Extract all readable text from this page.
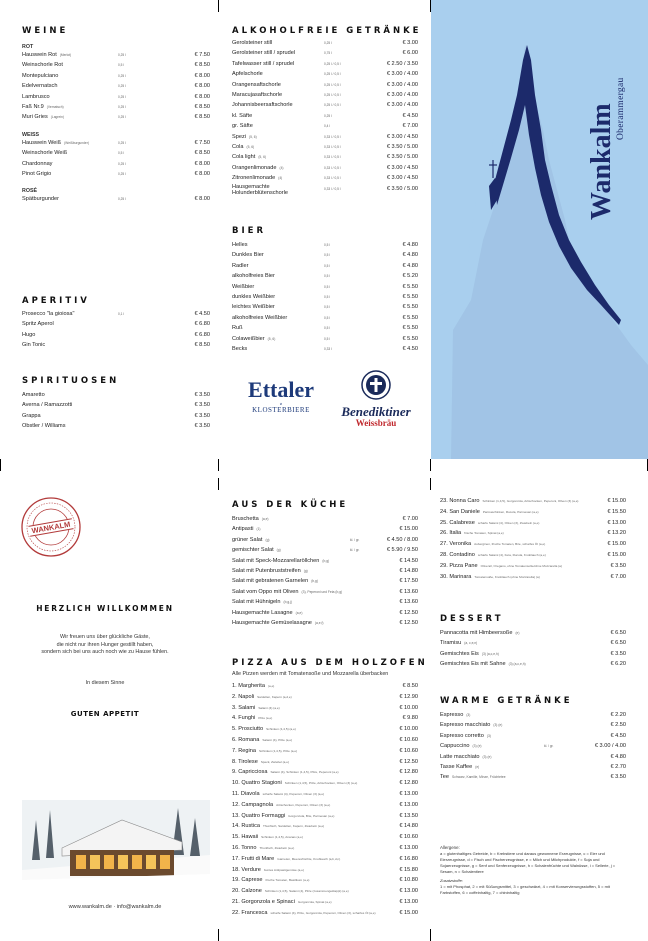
WEINE
ROT
Hauswein Rot (Merlot)	0,25 l	€ 7.50
Weinschorle Rot	0,5 l	€ 8.50
Montepulciano	0,25 l	€ 8.00
Edelvernatsch	0,25 l	€ 8.00
Lambrusco	0,25 l	€ 8.00
Faß Nr.9 (Vernatsch)	0,25 l	€ 8.50
Muri Gries (Lagrein)	0,25 l	€ 8.50
WEISS
Hauswein Weiß (Weißburgunder)	0,25 l	€ 7.50
Weinschorle Weiß	0,5 l	€ 8.50
Chardonnay	0,25 l	€ 8.00
Pinot Grigio	0,25 l	€ 8.00
ROSÉ
Spätburgunder	0,25 l	€ 8.00
APERITIV
Prosecco "la gioiosa"	0,1 l	€ 4.50
Spritz Aperol	€ 6.80
Hugo	€ 6.80
Gin Tonic	€ 8.50
SPIRITUOSEN
Amaretto	€ 3.50
Averna / Ramazzotti	€ 3.50
Grappa	€ 3.50
Obstler / Williams	€ 3.50
ALKOHOLFREIE GETRÄNKE
Gerolsteiner still	0,25 l	€ 3.00
Gerolsteiner still / sprudel	0,75 l	€ 6.00
Tafelwasser still / sprudel	0,25 l / 0,5 l	€ 2.50 / 3.50
Apfelschorle	0,25 l / 0,5 l	€ 3.00 / 4.00
Orangensaftschorle	0,25 l / 0,5 l	€ 3.00 / 4.00
Maracujasaftschorle	0,25 l / 0,5 l	€ 3.00 / 4.00
Johannisbeersaftschorle	0,25 l / 0,5 l	€ 3.00 / 4.00
kl. Säfte	0,25 l	€ 4.50
gr. Säfte	0,4 l	€ 7.00
Spezi (5, 6)	0,33 l / 0,5 l	€ 3.00 / 4.50
Cola (5, 6)	0,33 l / 0,5 l	€ 3.50 / 5.00
Cola light (5, 6)	0,33 l / 0,5 l	€ 3.50 / 5.00
Orangenlimonade (4)	0,33 l / 0,5 l	€ 3.00 / 4.50
Zitronenlimonade (4)	0,33 l / 0,5 l	€ 3.00 / 4.50
Hausgemachte Holunderblütenschorle
0,33 l / 0,5 l	€ 3.50 / 5.00
BIER
Helles	0,5 l	€ 4.80
Dunkles Bier	0,5 l	€ 4.80
Radler	0,5 l	€ 4.80
alkoholfreies Bier	0,5 l	€ 5.20
Weißbier	0,5 l	€ 5.50
dunkles Weißbier	0,5 l	€ 5.50
leichtes Weißbier	0,5 l	€ 5.50
alkoholfreies Weißbier	0,5 l	€ 5.50
Ruß	0,5 l	€ 5.50
Colaweißbier (5, 6)	0,5 l	€ 5.50
Becks	0,33 l	€ 4.50
Ettaler
❦
KLOSTERBIERE	Benediktiner
Weissbräu
Wankalm Oberammergau
WANKALM
HERZLICH WILLKOMMEN
Wir freuen uns über glückliche Gäste,
die nicht nur ihren Hunger gestillt haben,
sondern sich bei uns auch noch wie zu Hause fühlen.
In diesem Sinne
GUTEN APPETIT
www.wankalm.de · info@wankalm.de
AUS DER KÜCHE
Bruschetta (a,e)	€ 7.00
Antipasti (1)	€ 15.00
grüner Salat (g)	kl. / gr.	€ 4.50 / 8.00
gemischter Salat (g)	kl. / gr.	€ 5.90 / 9.50
Salat mit Speck-Mozzarellaröllchen (b,g)	€ 14.50
Salat mit Putenbruststreifen (g)	€ 14.80
Salat mit gebratenen Garnelen (b,g)	€ 17.50
Salat vom Oppo mit Oliven (3), Peperoni und Feta (b,g)	€ 13.60
Salat mit Hühnigeln (b,g,j)	€ 13.60
Hausgemachte Lasagne (a,e)	€ 12.50
Hausgemachte Gemüselasagne (a,e,f)	€ 12.50
PIZZA AUS DEM HOLZOFEN
Alle Pizzen werden mit Tomatensoße und Mozzarella überbacken
1. Margherita (a,e)	€ 8.50
2. Napoli Sardellen, Kapern (a,d,e)	€ 12.90
3. Salami Salami (4) (a,e)	€ 10.00
4. Funghi Pilze (a,e)	€ 9.80
5. Prosciutto Schinken (1,4,5) (a,e)	€ 10.00
6. Romana Salami (4), Pilze (a,e)	€ 10.60
7. Regina Schinken (1,4,5), Pilze (a,e)	€ 10.60
8. Tirolese Speck, Zwiebel (a,e)	€ 12.50
9. Capricciosa Salami (4), Schinken (1,4,5), Pilze, Peperoni (a,e)	€ 12.80
10. Quattro Stagioni Schinken (1,4,5), Pilze, Artischocken, Oliven (3) (a,e)	€ 12.80
11. Diavola scharfe Salami (4), Peperoni, Oliven (3) (a,e)	€ 13.00
12. Campagnola Artischocken, Peperoni, Oliven (3) (a,e)	€ 13.00
13. Quattro Formaggi Gorgonzola, Brie, Parmesan (a,e)	€ 13.50
14. Rustica Thunfisch, Sardellen, Kapern, Zwiebeln (a,e)	€ 14.80
15. Hawaii Schinken (1,4,5), Ananas (a,e)	€ 10.60
16. Tonno Thunfisch, Zwiebeln (a,e)	€ 13.00
17. Frutti di Mare Garnelen, Meeresfrüchte, Knoblauch (a,b,d,n)	€ 16.80
18. Verdure buntes Antipastigemüse (a,e)	€ 15.80
19. Caprese frische Tomaten, Basilikum (a,e)	€ 10.80
20. Calzone Schinken (1,4,5), Salami (4), Pilze (zusammengeklappt) (a,e)	€ 13.00
21. Gorgonzola e Spinaci Gorgonzola, Spinat (a,e)	€ 13.00
22. Francesca scharfe Salami (4), Pilze, Gorgonzola, Peperoni, Oliven (3), scharfes Öl (a,e)	€ 15.00
23. Nonna Caro Schinken (1,4,5), Gorgonzola, Artischocken, Peperoni, Oliven (3) (a,e)	€ 15.00
24. San Daniele Parmaschinken, Rucola, Parmesan (a,e)	€ 15.50
25. Calabrese scharfe Salami (4), Oliven (3), Zwiebeln (a,e)	€ 13.00
26. Italia frische Tomaten, Spinat (a,e)	€ 13.20
27. Veronika Auberginen, frische Tomaten, Brie, scharfes Öl (a,e)	€ 15.00
28. Contadino scharfe Salami (4), Feta, Rucola, Knoblauch (a,e)	€ 15.00
29. Pizza Pane Olivenöl, Oregano, ohne Tomatensoße/ohne Mozzarella (a)	€ 3.50
30. Marinara Tomatensoße, Knoblauch (ohne Mozzarella) (a)	€ 7.00
DESSERT
Pannacotta mit Himbeersoße (e)	€ 6.50
Tiramisu (a, c,e,n)	€ 6.50
Gemischtes Eis (3) (a,c,e,h)	€ 3.50
Gemischtes Eis mit Sahne (3) (a,c,e,h)	€ 6.20
WARME GETRÄNKE
Espresso (3)	€ 2.20
Espresso macchiato (3) (e)	€ 2.50
Espresso corretto (3)	€ 4.50
Cappuccino (3) (e)	kl. / gr.	€ 3.00 / 4.00
Latte macchiato (3) (e)	€ 4.80
Tasse Kaffee (e)	€ 2.70
Tee Schwarz, Kamille, Minze, Früchtetee	€ 3.50
Allergene:
a = glutenhaltiges Getreide, b = Krebstiere und daraus gewonnene Erzeugnisse, c = Eier und Eierzeugnisse, d = Fisch und Fischerzeugnisse, e = Milch und Milchprodukte, f = Soja und Sojaerzeugnisse, g = Senf und Senferzeugnisse, h = Schalenfrüchte und Walnüsse, i = Sellerie, j = Sesam, n = Schalentiere
Zusatzstoffe:
1 = mit Phosphat, 2 = mit Süßungsmittel, 3 = geschwärzt, 4 = mit Konservierungsstoffen, 5 = mit Farbstoffen, 6 = coffeinhaltig, 7 = chininhaltig
